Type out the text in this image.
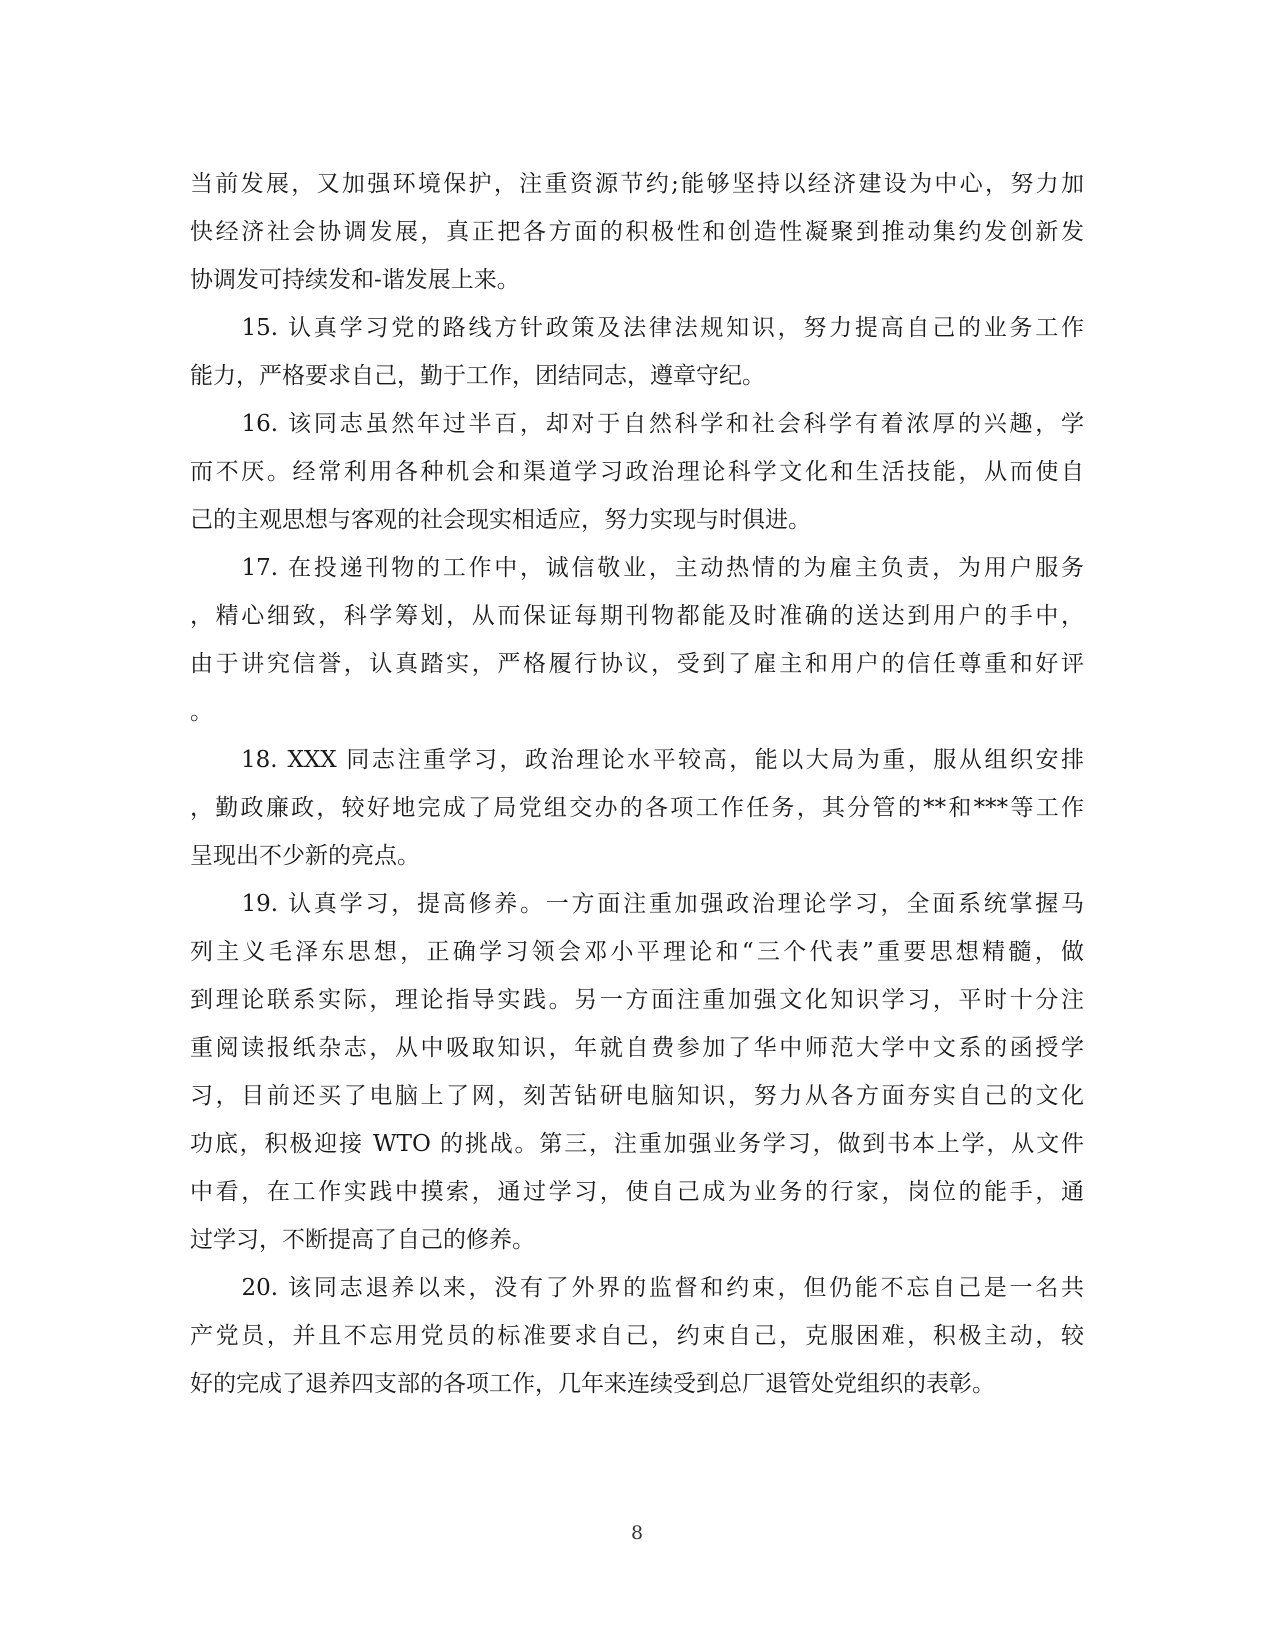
当前发展，又加强环境保护，注重资源节约;能够坚持以经济建设为中心，努力加
快经济社会协调发展，真正把各方面的积极性和创造性凝聚到推动集约发创新发
协调发可持续发和-谐发展上来。
　　15. 认真学习党的路线方针政策及法律法规知识，努力提高自己的业务工作
能力，严格要求自己，勤于工作，团结同志，遵章守纪。
　　16. 该同志虽然年过半百，却对于自然科学和社会科学有着浓厚的兴趣，学
而不厌。经常利用各种机会和渠道学习政治理论科学文化和生活技能，从而使自
己的主观思想与客观的社会现实相适应，努力实现与时俱进。
　　17. 在投递刊物的工作中，诚信敬业，主动热情的为雇主负责，为用户服务
，精心细致，科学筹划，从而保证每期刊物都能及时准确的送达到用户的手中，
由于讲究信誉，认真踏实，严格履行协议，受到了雇主和用户的信任尊重和好评
。
　　18. XXX 同志注重学习，政治理论水平较高，能以大局为重，服从组织安排
，勤政廉政，较好地完成了局党组交办的各项工作任务，其分管的**和***等工作
呈现出不少新的亮点。
　　19. 认真学习，提高修养。一方面注重加强政治理论学习，全面系统掌握马
列主义毛泽东思想，正确学习领会邓小平理论和“三个代表”重要思想精髓，做
到理论联系实际，理论指导实践。另一方面注重加强文化知识学习，平时十分注
重阅读报纸杂志，从中吸取知识，年就自费参加了华中师范大学中文系的函授学
习，目前还买了电脑上了网，刻苦钻研电脑知识，努力从各方面夯实自己的文化
功底，积极迎接 WTO 的挑战。第三，注重加强业务学习，做到书本上学，从文件
中看，在工作实践中摸索，通过学习，使自己成为业务的行家，岗位的能手，通
过学习，不断提高了自己的修养。
　　20. 该同志退养以来，没有了外界的监督和约束，但仍能不忘自己是一名共
产党员，并且不忘用党员的标准要求自己，约束自己，克服困难，积极主动，较
好的完成了退养四支部的各项工作，几年来连续受到总厂退管处党组织的表彰。
8
